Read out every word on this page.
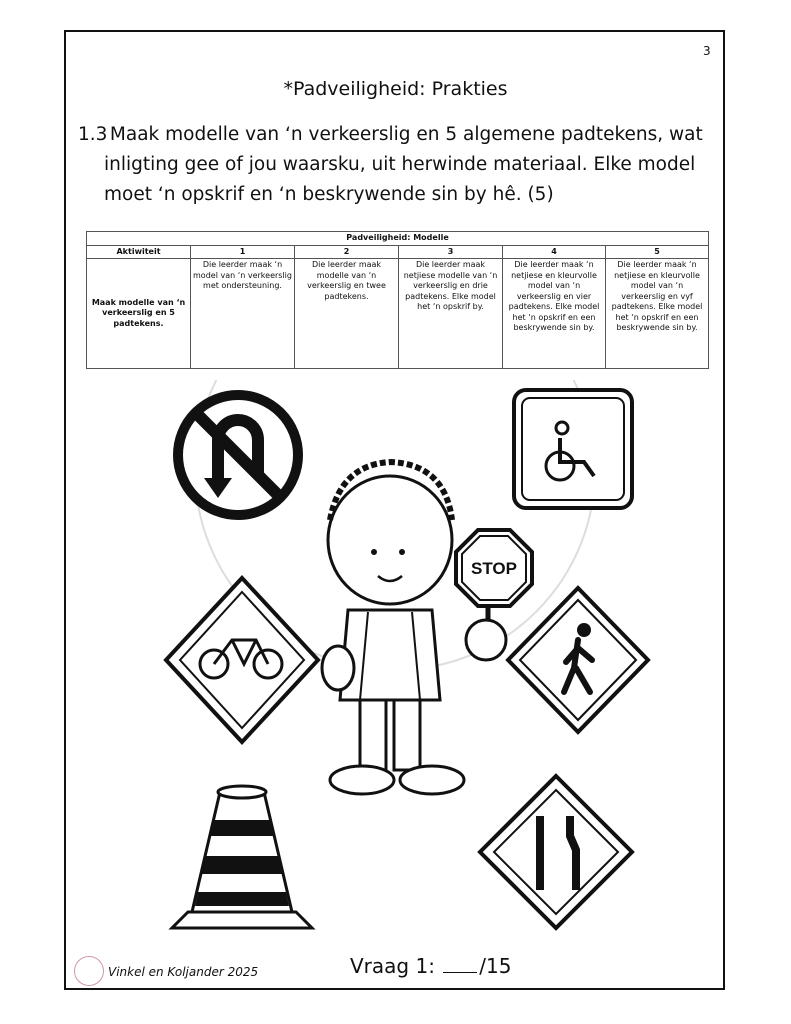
3
*Padveiligheid: Prakties
1.3 Maak modelle van ‘n verkeerslig en 5 algemene padtekens, wat
inligting gee of jou waarsku, uit herwinde materiaal. Elke model
moet ‘n opskrif en ‘n beskrywende sin by hê. (5)
Padveiligheid: Modelle					
Aktiwiteit	1	2	3	4	5
Maak modelle van ‘n verkeerslig en 5 padtekens.	Die leerder maak ‘n model van ‘n verkeerslig met ondersteuning.	Die leerder maak modelle van ‘n verkeerslig en twee padtekens.	Die leerder maak netjiese modelle van ‘n verkeerslig en drie padtekens. Elke model het ‘n opskrif by.	Die leerder maak ‘n netjiese en kleurvolle model van ‘n verkeerslig en vier padtekens. Elke model het ‘n opskrif en een beskrywende sin by.	Die leerder maak ‘n netjiese en kleurvolle model van ‘n verkeerslig en vyf padtekens. Elke model het ‘n opskrif en een beskrywende sin by.
STOP
Vinkel en Koljander 2025	Vraag 1: /15
